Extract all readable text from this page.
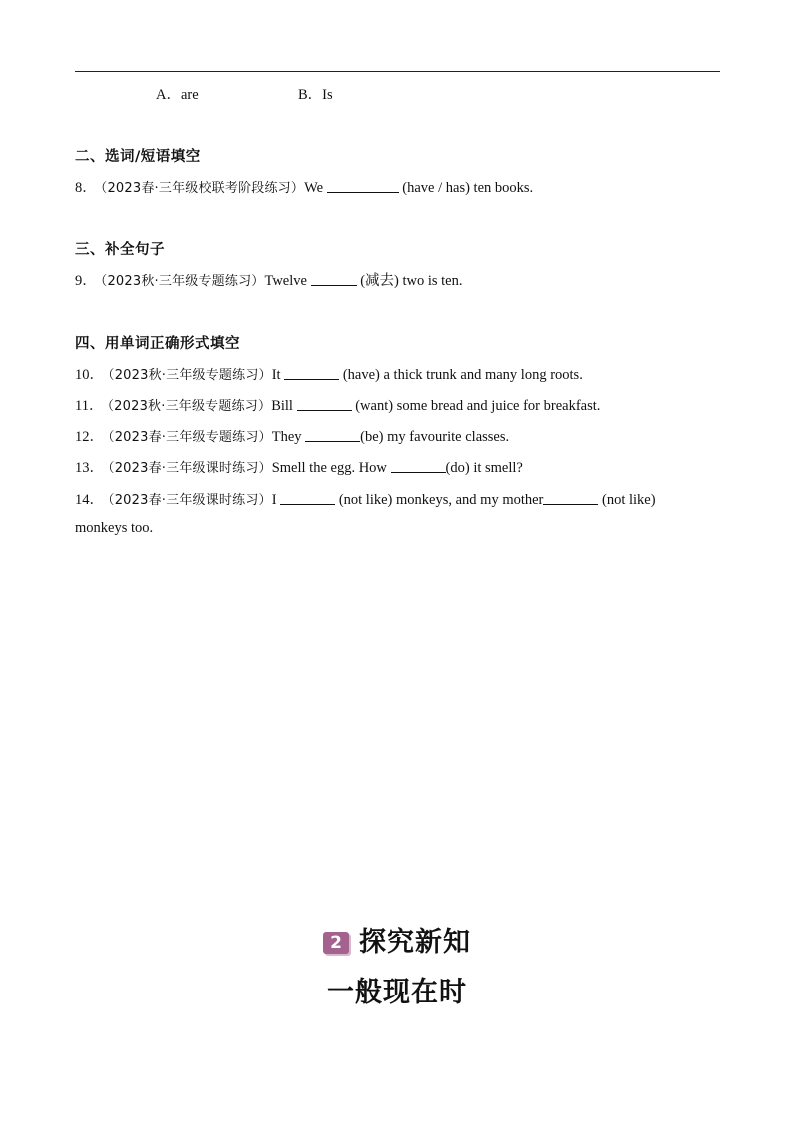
A．are	B．Is
二、选词/短语填空
8． （2023春·三年级校联考阶段练习）We	(have / has) ten books.
三、补全句子
9． （2023秋·三年级专题练习）Twelve	(减去) two is ten.
四、用单词正确形式填空
10． （2023秋·三年级专题练习）It	(have) a thick trunk and many long roots.
11． （2023秋·三年级专题练习）Bill	(want) some bread and juice for breakfast.
12． （2023春·三年级专题练习）They	(be) my favourite classes.
13． （2023春·三年级课时练习）Smell the egg. How	(do) it smell?
14． （2023春·三年级课时练习）I	(not like) monkeys, and my mother	(not like)
monkeys too.
2 探究新知
一般现在时
